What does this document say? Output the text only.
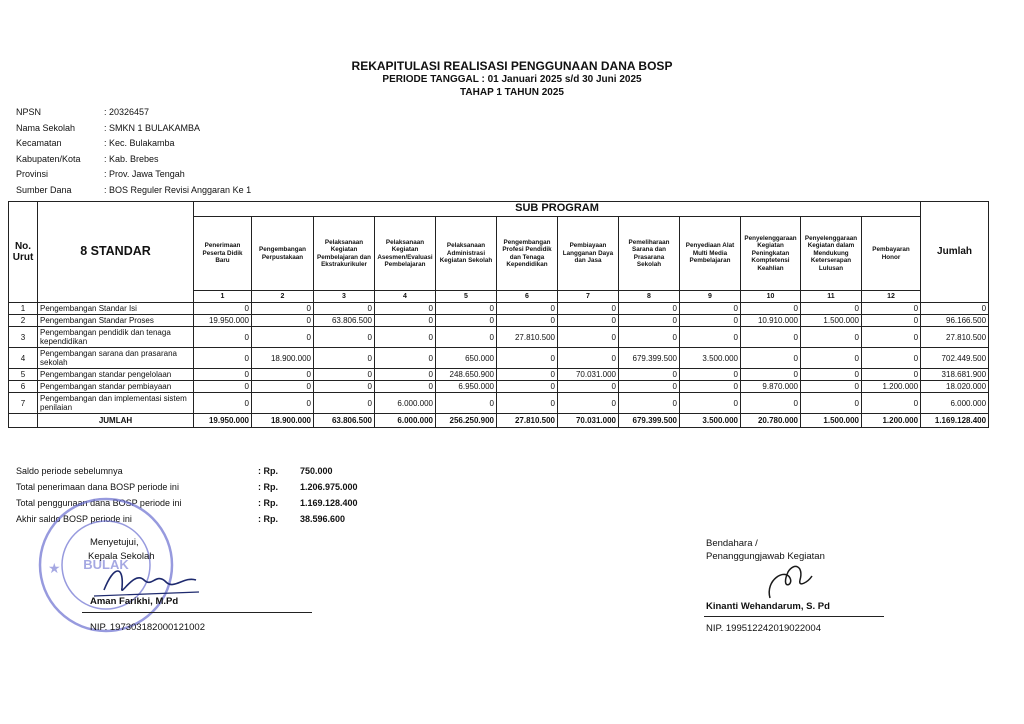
REKAPITULASI REALISASI PENGGUNAAN DANA BOSP
PERIODE TANGGAL : 01 Januari 2025 s/d 30 Juni 2025
TAHAP 1 TAHUN 2025
NPSN	: 20326457
Nama Sekolah	: SMKN 1 BULAKAMBA
Kecamatan	: Kec. Bulakamba
Kabupaten/Kota	: Kab. Brebes
Provinsi	: Prov. Jawa Tengah
Sumber Dana	: BOS Reguler Revisi Anggaran Ke 1
No. Urut	8 STANDAR	SUB PROGRAM												Jumlah
		Penerimaan Peserta Didik Baru	Pengembangan Perpustakaan	Pelaksanaan Kegiatan Pembelajaran dan Ekstrakurikuler	Pelaksanaan Kegiatan Asesmen/Evaluasi Pembelajaran	Pelaksanaan Administrasi Kegiatan Sekolah	Pengembangan Profesi Pendidik dan Tenaga Kependidikan	Pembiayaan Langganan Daya dan Jasa	Pemeliharaan Sarana dan Prasarana Sekolah	Penyediaan Alat Multi Media Pembelajaran	Penyelenggaraan Kegiatan Peningkatan Komptetensi Keahlian	Penyelenggaraan Kegiatan dalam Mendukung Keterserapan Lulusan	Pembayaran Honor	
		1	2	3	4	5	6	7	8	9	10	11	12	
1	Pengembangan Standar Isi	0	0	0	0	0	0	0	0	0	0	0	0	0
2	Pengembangan Standar Proses	19.950.000	0	63.806.500	0	0	0	0	0	0	10.910.000	1.500.000	0	96.166.500
3	Pengembangan pendidik dan tenaga kependidikan	0	0	0	0	0	27.810.500	0	0	0	0	0	0	27.810.500
4	Pengembangan sarana dan prasarana sekolah	0	18.900.000	0	0	650.000	0	0	679.399.500	3.500.000	0	0	0	702.449.500
5	Pengembangan standar pengelolaan	0	0	0	0	248.650.900	0	70.031.000	0	0	0	0	0	318.681.900
6	Pengembangan standar pembiayaan	0	0	0	0	6.950.000	0	0	0	0	9.870.000	0	1.200.000	18.020.000
7	Pengembangan dan implementasi sistem penilaian	0	0	0	6.000.000	0	0	0	0	0	0	0	0	6.000.000
	JUMLAH	19.950.000	18.900.000	63.806.500	6.000.000	256.250.900	27.810.500	70.031.000	679.399.500	3.500.000	20.780.000	1.500.000	1.200.000	1.169.128.400
Saldo periode sebelumnya	: Rp.	750.000
Total penerimaan dana BOSP periode ini	: Rp.	1.206.975.000
Total penggunaan dana BOSP periode ini	: Rp.	1.169.128.400
Akhir saldo BOSP periode ini	: Rp.	38.596.600
BULAK
★
Menyetujui,
Kepala Sekolah
Aman Farikhi, M.Pd
NIP. 197303182000121002
Bendahara /
Penanggungjawab Kegiatan
Kinanti Wehandarum, S. Pd
NIP. 199512242019022004
